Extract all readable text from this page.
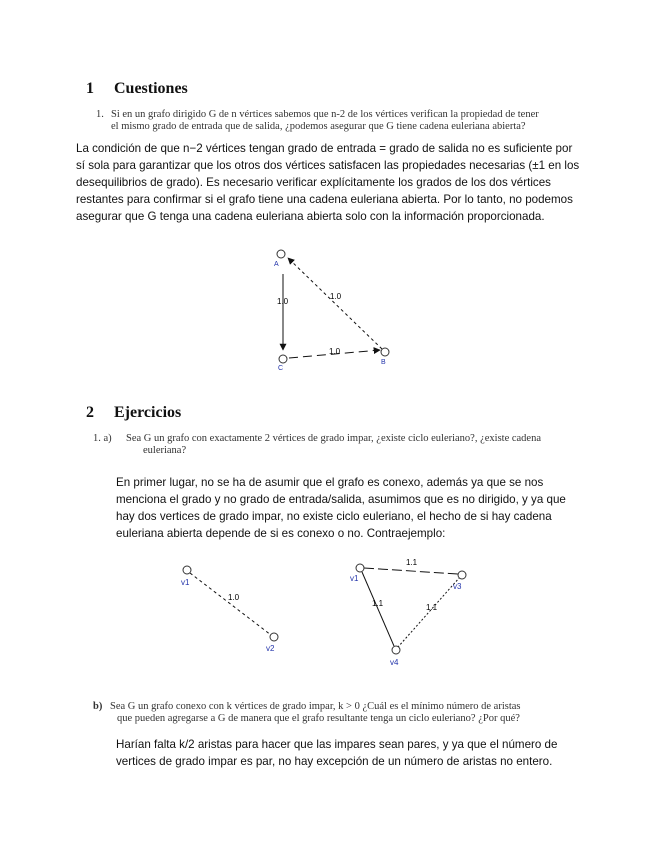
1 Cuestiones
1. Si en un grafo dirigido G de n vértices sabemos que n-2 de los vértices verifican la propiedad de tener
el mismo grado de entrada que de salida, ¿podemos asegurar que G tiene cadena euleriana abierta?
La condición de que n−2 vértices tengan grado de entrada = grado de salida no es suficiente por sí sola para garantizar que los otros dos vértices satisfacen las propiedades necesarias (±1 en los desequilibrios de grado). Es necesario verificar explícitamente los grados de los dos vértices restantes para confirmar si el grafo tiene una cadena euleriana abierta. Por lo tanto, no podemos asegurar que G tenga una cadena euleriana abierta solo con la información proporcionada.
A
B
C
1.0
1.0
1.0
2 Ejercicios
1. a) Sea G un grafo con exactamente 2 vértices de grado impar, ¿existe ciclo euleriano?, ¿existe cadena
euleriana?
En primer lugar, no se ha de asumir que el grafo es conexo, además ya que se nos menciona el grado y no grado de entrada/salida, asumimos que es no dirigido, y ya que hay dos vertices de grado impar, no existe ciclo euleriano, el hecho de si hay cadena euleriana abierta depende de si es conexo o no. Contraejemplo:
v1
v2
1.0
v1
v3
v4
1.1
1.1	1.1
b) Sea G un grafo conexo con k vértices de grado impar, k > 0 ¿Cuál es el mínimo número de aristas
que pueden agregarse a G de manera que el grafo resultante tenga un ciclo euleriano? ¿Por qué?
Harían falta k/2 aristas para hacer que las impares sean pares, y ya que el número de vertices de grado impar es par, no hay excepción de un número de aristas no entero.
